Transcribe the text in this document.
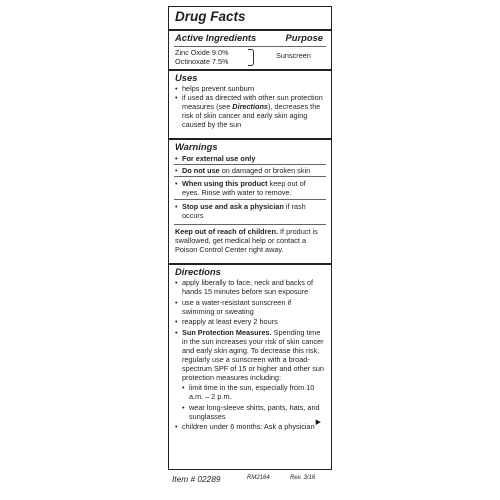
Drug Facts
Active Ingredients	Purpose
Zinc Oxide 9.0%
Octinoxate 7.5%
Sunscreen
Uses
• helps prevent sunburn
• if used as directed with other sun protection measures (see Directions), decreases the risk of skin cancer and early skin aging caused by the sun
Warnings
• For external use only
• Do not use on damaged or broken skin
• When using this product keep out of eyes. Rinse with water to remove.
• Stop use and ask a physician if rash occurs
Keep out of reach of children. If product is swallowed, get medical help or contact a Poison Control Center right away.
Directions
• apply liberally to face, neck and backs of hands 15 minutes before sun exposure
• use a water-resistant sunscreen if swimming or sweating
• reapply at least every 2 hours
• Sun Protection Measures. Spending time in the sun increases your risk of skin cancer and early skin aging. To decrease this risk, regularly use a sunscreen with a broad-spectrum SPF of 15 or higher and other sun protection measures including:
• limit time in the sun, especially from 10 a.m. – 2 p.m.
• wear long-sleeve shirts, pants, hats, and sunglasses
• children under 6 months: Ask a physician ▶
Item # 02289	RM2164	Rev. 3/16
